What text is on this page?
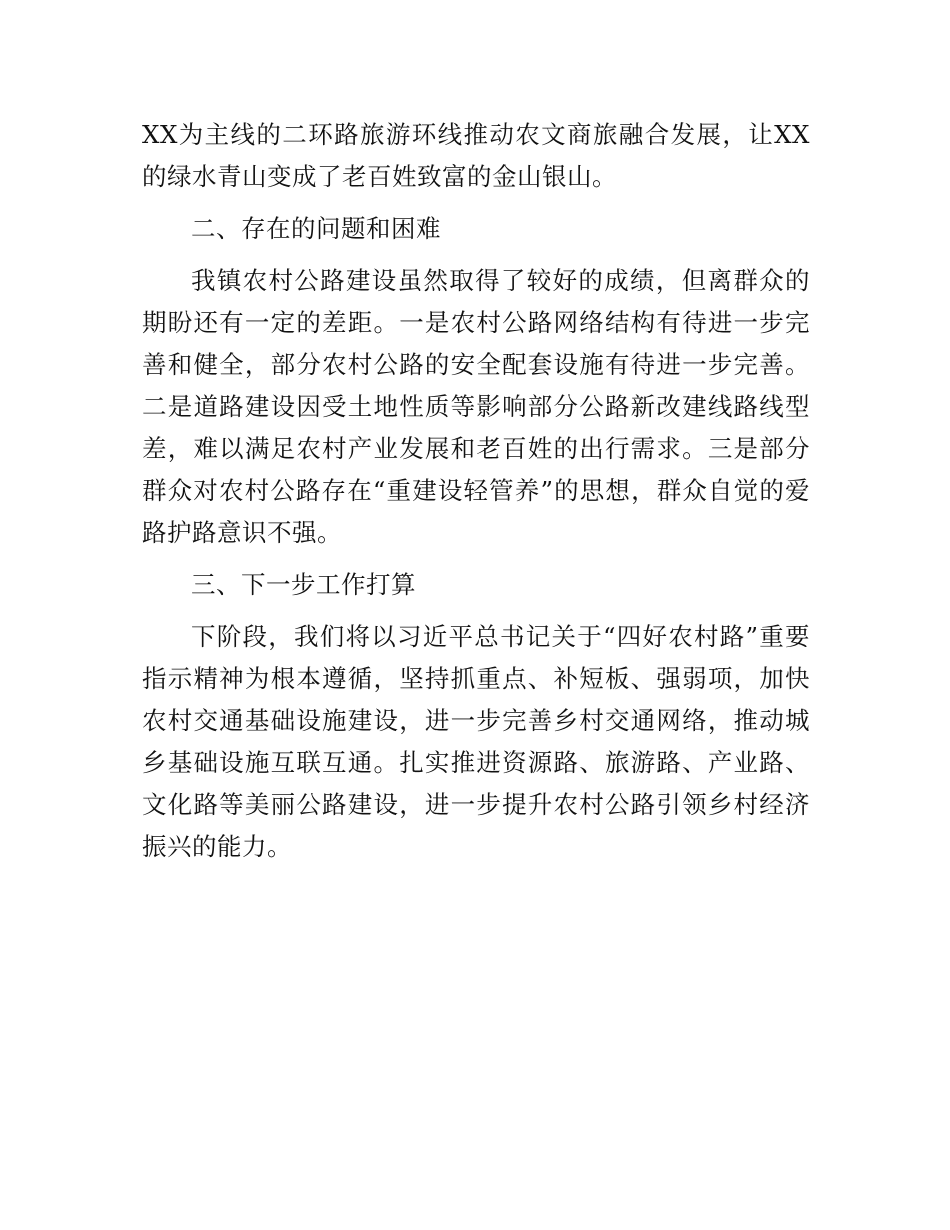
XX为主线的二环路旅游环线推动农文商旅融合发展，让XX的绿水青山变成了老百姓致富的金山银山。

二、存在的问题和困难

我镇农村公路建设虽然取得了较好的成绩，但离群众的期盼还有一定的差距。一是农村公路网络结构有待进一步完善和健全，部分农村公路的安全配套设施有待进一步完善。二是道路建设因受土地性质等影响部分公路新改建线路线型差，难以满足农村产业发展和老百姓的出行需求。三是部分群众对农村公路存在“重建设轻管养”的思想，群众自觉的爱路护路意识不强。

三、下一步工作打算

下阶段，我们将以习近平总书记关于“四好农村路”重要指示精神为根本遵循，坚持抓重点、补短板、强弱项，加快农村交通基础设施建设，进一步完善乡村交通网络，推动城乡基础设施互联互通。扎实推进资源路、旅游路、产业路、文化路等美丽公路建设，进一步提升农村公路引领乡村经济振兴的能力。
